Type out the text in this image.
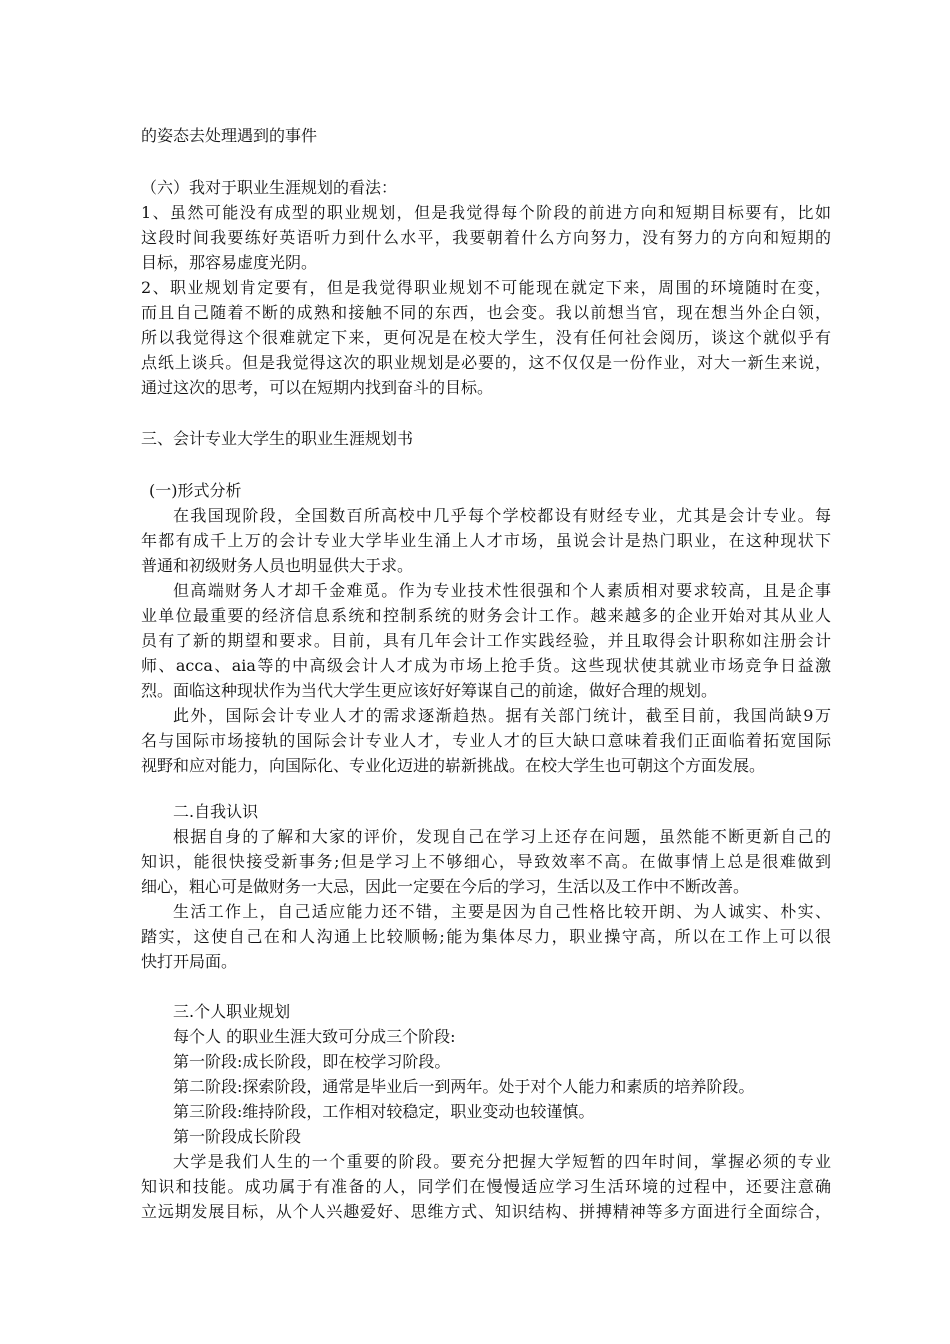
的姿态去处理遇到的事件
（六）我对于职业生涯规划的看法：
1、虽然可能没有成型的职业规划，但是我觉得每个阶段的前进方向和短期目标要有，比如
这段时间我要练好英语听力到什么水平，我要朝着什么方向努力，没有努力的方向和短期的
目标，那容易虚度光阴。
2、职业规划肯定要有，但是我觉得职业规划不可能现在就定下来，周围的环境随时在变，
而且自己随着不断的成熟和接触不同的东西，也会变。我以前想当官，现在想当外企白领，
所以我觉得这个很难就定下来，更何况是在校大学生，没有任何社会阅历，谈这个就似乎有
点纸上谈兵。但是我觉得这次的职业规划是必要的，这不仅仅是一份作业，对大一新生来说，
通过这次的思考，可以在短期内找到奋斗的目标。
三、会计专业大学生的职业生涯规划书
(一)形式分析
在我国现阶段，全国数百所高校中几乎每个学校都设有财经专业，尤其是会计专业。每
年都有成千上万的会计专业大学毕业生涌上人才市场，虽说会计是热门职业，在这种现状下
普通和初级财务人员也明显供大于求。
但高端财务人才却千金难觅。作为专业技术性很强和个人素质相对要求较高，且是企事
业单位最重要的经济信息系统和控制系统的财务会计工作。越来越多的企业开始对其从业人
员有了新的期望和要求。目前，具有几年会计工作实践经验，并且取得会计职称如注册会计
师、acca、aia等的中高级会计人才成为市场上抢手货。这些现状使其就业市场竞争日益激
烈。面临这种现状作为当代大学生更应该好好筹谋自己的前途，做好合理的规划。
此外，国际会计专业人才的需求逐渐趋热。据有关部门统计，截至目前，我国尚缺9万
名与国际市场接轨的国际会计专业人才，专业人才的巨大缺口意味着我们正面临着拓宽国际
视野和应对能力，向国际化、专业化迈进的崭新挑战。在校大学生也可朝这个方面发展。
二.自我认识
根据自身的了解和大家的评价，发现自己在学习上还存在问题，虽然能不断更新自己的
知识，能很快接受新事务;但是学习上不够细心，导致效率不高。在做事情上总是很难做到
细心，粗心可是做财务一大忌，因此一定要在今后的学习，生活以及工作中不断改善。
生活工作上，自己适应能力还不错，主要是因为自己性格比较开朗、为人诚实、朴实、
踏实，这使自己在和人沟通上比较顺畅;能为集体尽力，职业操守高，所以在工作上可以很
快打开局面。
三.个人职业规划
每个人 的职业生涯大致可分成三个阶段:
第一阶段:成长阶段，即在校学习阶段。
第二阶段:探索阶段，通常是毕业后一到两年。处于对个人能力和素质的培养阶段。
第三阶段:维持阶段，工作相对较稳定，职业变动也较谨慎。
第一阶段成长阶段
大学是我们人生的一个重要的阶段。要充分把握大学短暂的四年时间，掌握必须的专业
知识和技能。成功属于有准备的人，同学们在慢慢适应学习生活环境的过程中，还要注意确
立远期发展目标，从个人兴趣爱好、思维方式、知识结构、拼搏精神等多方面进行全面综合，
